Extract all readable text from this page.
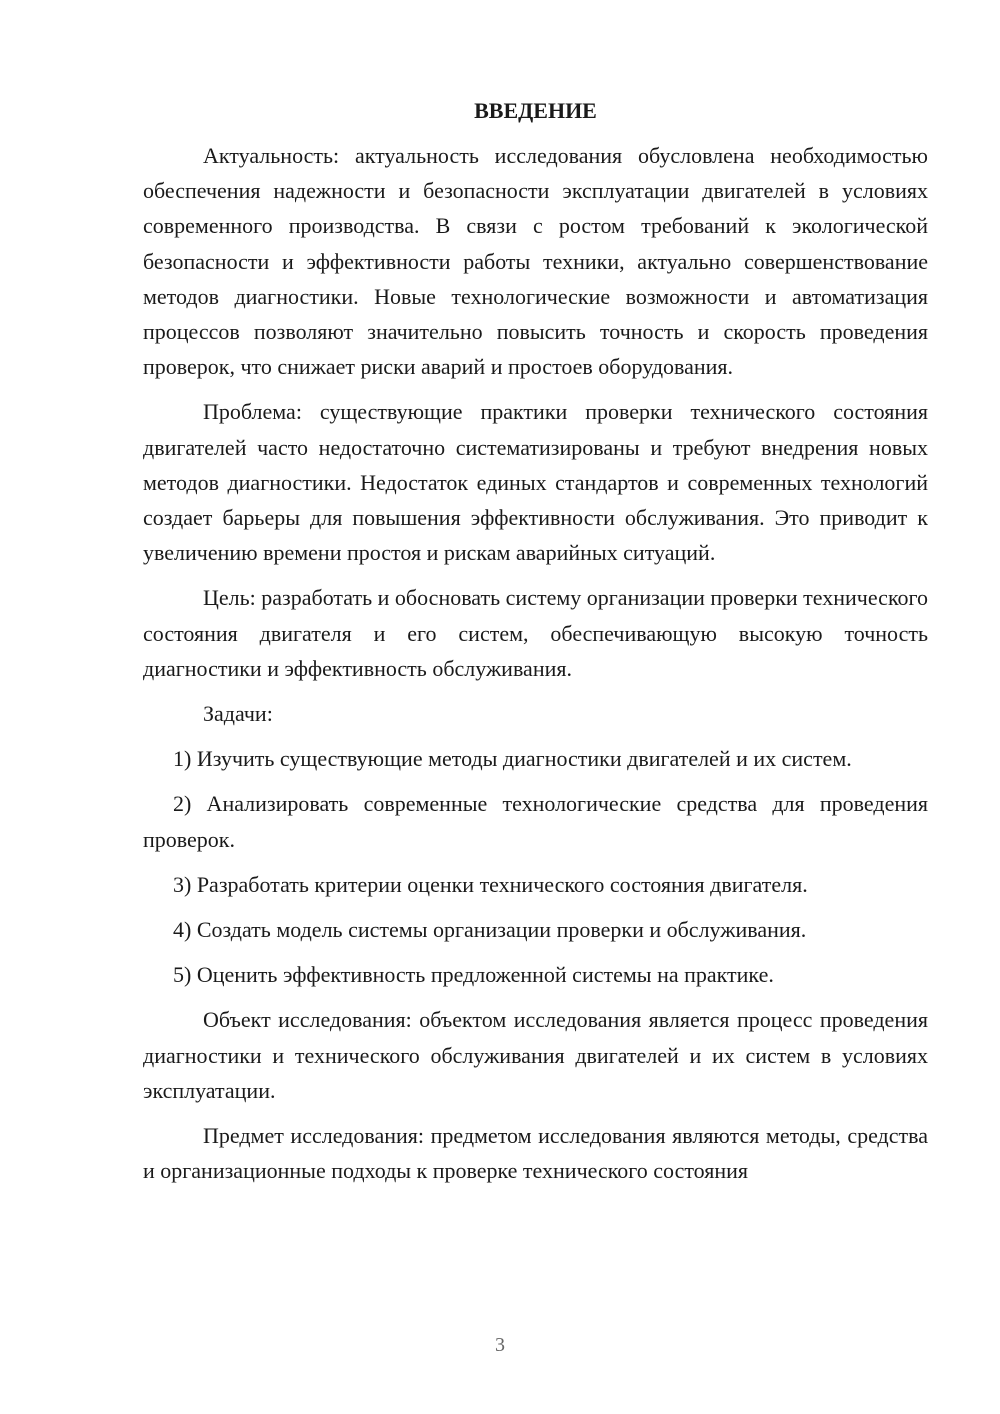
ВВЕДЕНИЕ

Актуальность: актуальность исследования обусловлена необходимостью обеспечения надежности и безопасности эксплуатации двигателей в условиях современного производства. В связи с ростом требований к экологической безопасности и эффективности работы техники, актуально совершенствование методов диагностики. Новые технологические возможности и автоматизация процессов позволяют значительно повысить точность и скорость проведения проверок, что снижает риски аварий и простоев оборудования.

Проблема: существующие практики проверки технического состояния двигателей часто недостаточно систематизированы и требуют внедрения новых методов диагностики. Недостаток единых стандартов и современных технологий создает барьеры для повышения эффективности обслуживания. Это приводит к увеличению времени простоя и рискам аварийных ситуаций.

Цель: разработать и обосновать систему организации проверки технического состояния двигателя и его систем, обеспечивающую высокую точность диагностики и эффективность обслуживания.

Задачи:

1) Изучить существующие методы диагностики двигателей и их систем.

2) Анализировать современные технологические средства для проведения проверок.

3) Разработать критерии оценки технического состояния двигателя.

4) Создать модель системы организации проверки и обслуживания.

5) Оценить эффективность предложенной системы на практике.

Объект исследования: объектом исследования является процесс проведения диагностики и технического обслуживания двигателей и их систем в условиях эксплуатации.

Предмет исследования: предметом исследования являются методы, средства и организационные подходы к проверке технического состояния

3
